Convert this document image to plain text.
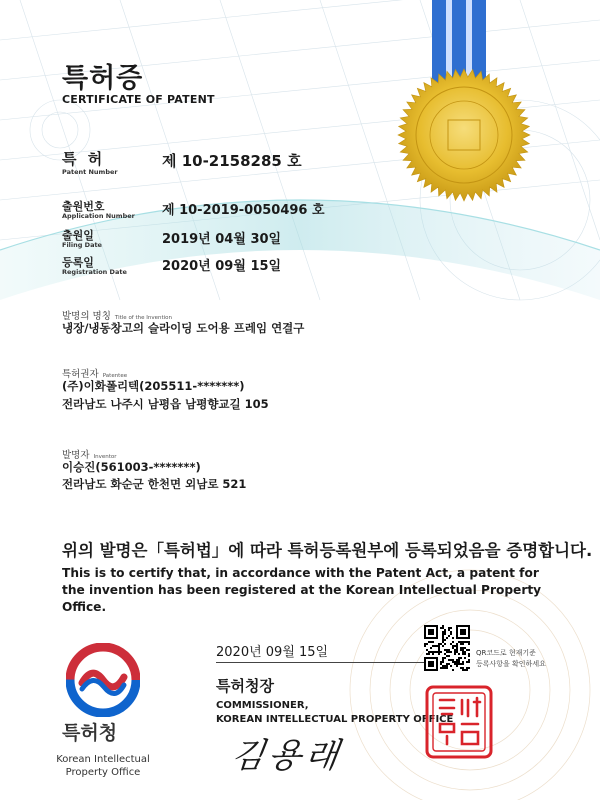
특허증
CERTIFICATE OF PATENT
특 허
Patent Number
제 10-2158285 호
출원번호
Application Number 제 10-2019-0050496 호
출원일
Filing Date	2019년 04월 30일
등록일
Registration Date	2020년 09월 15일
발명의 명칭 Title of the Invention
냉장/냉동창고의 슬라이딩 도어용 프레임 연결구
특허권자 Patentee
(주)이화폴리텍(205511-*******)
전라남도 나주시 남평읍 남평향교길 105
발명자 Inventor
이승진(561003-*******)
전라남도 화순군 한천면 외남로 521
위의 발명은「특허법」에 따라 특허등록원부에 등록되었음을 증명합니다.
This is to certify that, in accordance with the Patent Act, a patent for the invention has been registered at the Korean Intellectual Property Office.
특허청
Korean Intellectual
Property Office
2020년 09월 15일
특허청장
COMMISSIONER,
KOREAN INTELLECTUAL PROPERTY OFFICE
김용래
QR코드로 현재기준
등록사항을 확인하세요
